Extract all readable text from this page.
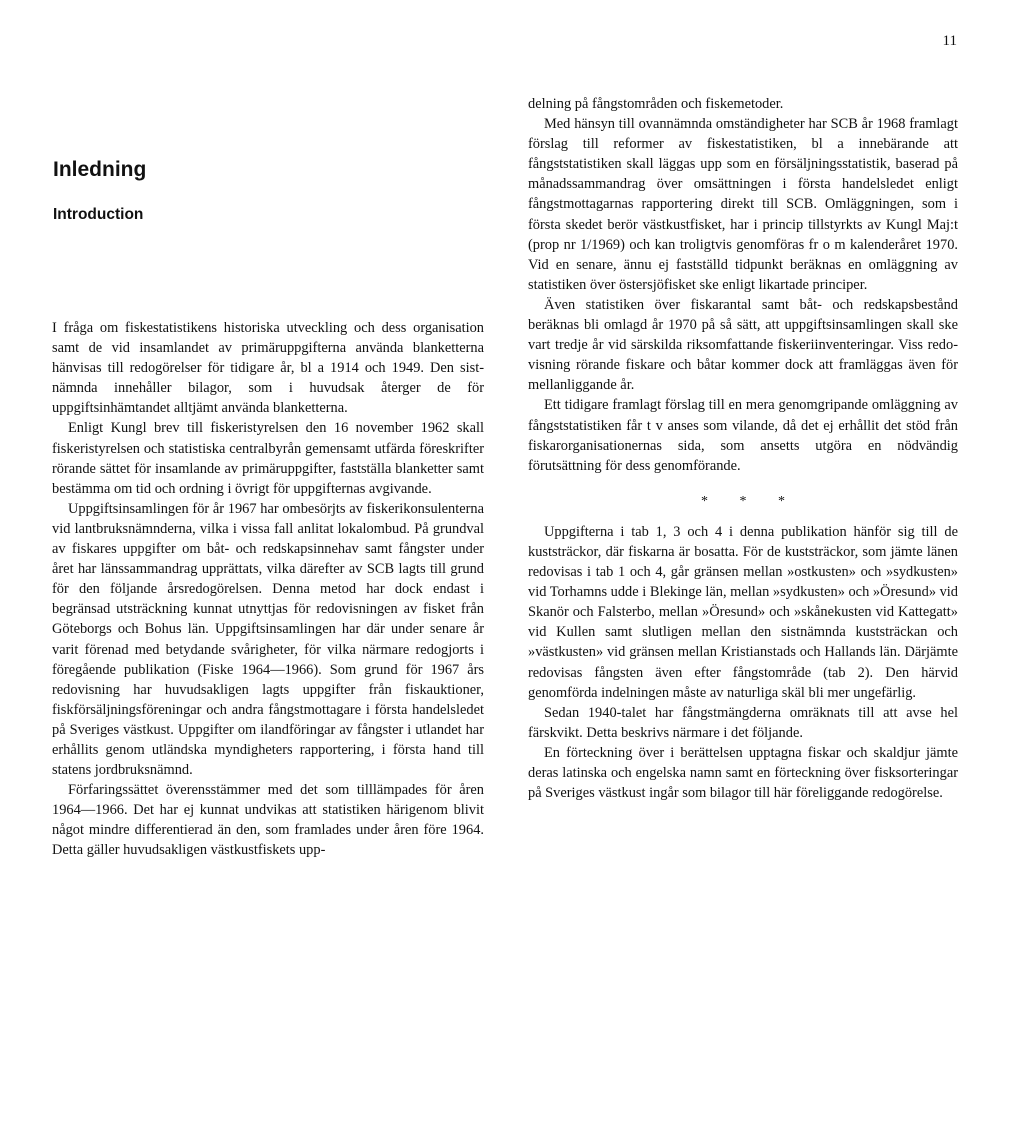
11
Inledning
Introduction

I fråga om fiskestatistikens historiska utveckling och dess organisation samt de vid insamlandet av primäruppgifterna använda blanketterna hänvisas till redogörelser för tidigare år, bl a 1914 och 1949. Den sistnämnda innehåller bilagor, som i huvudsak återger de för uppgiftsinhämtandet alltjämt använda blanketterna.

Enligt Kungl brev till fiskeristyrelsen den 16 november 1962 skall fiskeristyrelsen och statistiska centralbyrån gemensamt utfärda föreskrifter rörande sättet för insamlande av primäruppgifter, fastställa blanketter samt bestämma om tid och ordning i övrigt för uppgifternas avgivande.

Uppgiftsinsamlingen för år 1967 har ombesörjts av fiskerikonsulenterna vid lantbruksnämnderna, vilka i vissa fall anlitat lokalombud. På grundval av fiskares uppgifter om båt- och redskapsinnehav samt fångster under året har länssammandrag upprättats, vilka därefter av SCB lagts till grund för den följande årsredogörelsen. Denna metod har dock endast i begränsad utsträckning kunnat utnyttjas för redovisningen av fisket från Göteborgs och Bohus län. Uppgiftsinsamlingen har där under senare år varit förenad med betydande svårigheter, för vilka närmare redogjorts i föregående publikation (Fiske 1964—1966). Som grund för 1967 års redovisning har huvudsakligen lagts uppgifter från fiskauktioner, fiskförsäljningsföreningar och andra fångstmottagare i första handelsledet på Sveriges västkust. Uppgifter om ilandföringar av fångster i utlandet har erhållits genom utländska myndigheters rapportering, i första hand till statens jordbruksnämnd.

Förfaringssättet överensstämmer med det som tilllämpades för åren 1964—1966. Det har ej kunnat undvikas att statistiken härigenom blivit något mindre differentierad än den, som framlades under åren före 1964. Detta gäller huvudsakligen västkustfiskets upp-

delning på fångstområden och fiskemetoder.

Med hänsyn till ovannämnda omständigheter har SCB år 1968 framlagt förslag till reformer av fiskestatistiken, bl a innebärande att fångststatistiken skall läggas upp som en försäljningsstatistik, baserad på månadssammandrag över omsättningen i första handelsledet enligt fångstmottagarnas rapportering direkt till SCB. Omläggningen, som i första skedet berör västkustfisket, har i princip tillstyrkts av Kungl Maj:t (prop nr 1/1969) och kan troligtvis genomföras fr o m kalenderåret 1970. Vid en senare, ännu ej fastställd tidpunkt beräknas en omläggning av statistiken över östersjöfisket ske enligt likartade principer.

Även statistiken över fiskarantal samt båt- och redskapsbestånd beräknas bli omlagd år 1970 på så sätt, att uppgiftsinsamlingen skall ske vart tredje år vid särskilda riksomfattande fiskeriinventeringar. Viss redovisning rörande fiskare och båtar kommer dock att framläggas även för mellanliggande år.

Ett tidigare framlagt förslag till en mera genomgripande omläggning av fångststatistiken får t v anses som vilande, då det ej erhållit det stöd från fiskarorganisationernas sida, som ansetts utgöra en nödvändig förutsättning för dess genomförande.

* * *

Uppgifterna i tab 1, 3 och 4 i denna publikation hänför sig till de kuststräckor, där fiskarna är bosatta. För de kuststräckor, som jämte länen redovisas i tab 1 och 4, går gränsen mellan »ostkusten» och »sydkusten» vid Torhamns udde i Blekinge län, mellan »sydkusten» och »Öresund» vid Skanör och Falsterbo, mellan »Öresund» och »skånekusten vid Kattegatt» vid Kullen samt slutligen mellan den sistnämnda kuststräckan och »västkusten» vid gränsen mellan Kristianstads och Hallands län. Därjämte redovisas fångsten även efter fångstområde (tab 2). Den härvid genomförda indelningen måste av naturliga skäl bli mer ungefärlig.

Sedan 1940-talet har fångstmängderna omräknats till att avse hel färskvikt. Detta beskrivs närmare i det följande.

En förteckning över i berättelsen upptagna fiskar och skaldjur jämte deras latinska och engelska namn samt en förteckning över fisksorteringar på Sveriges västkust ingår som bilagor till här föreliggande redogörelse.
